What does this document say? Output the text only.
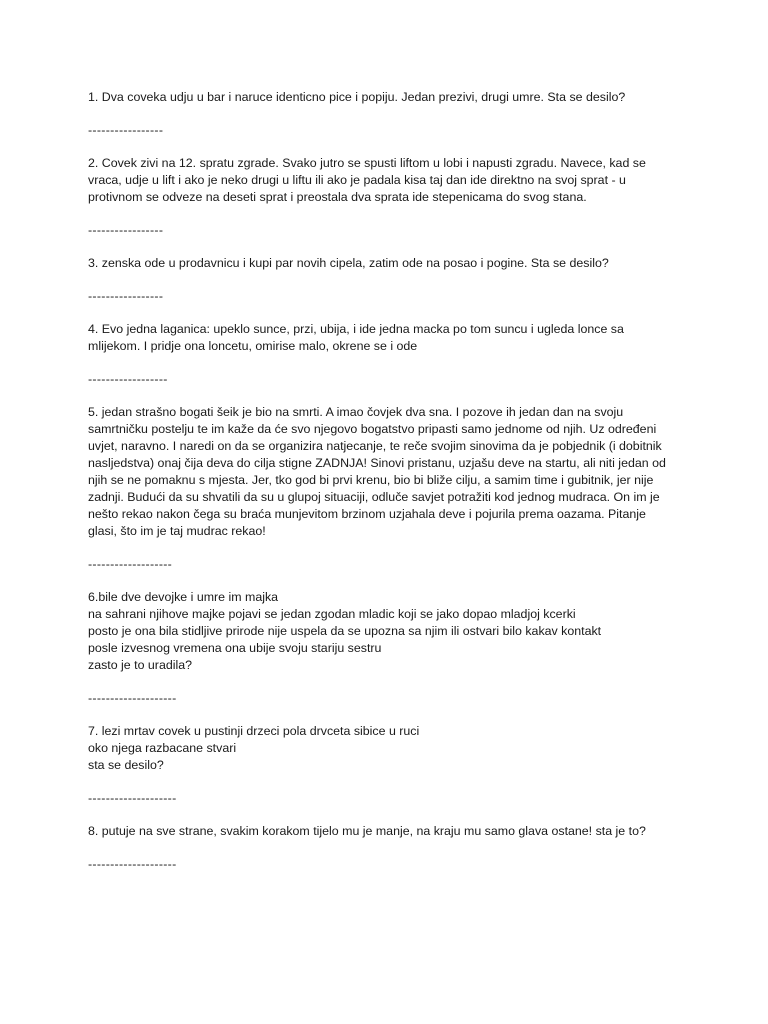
1. Dva coveka udju u bar i naruce identicno pice i popiju. Jedan prezivi, drugi umre. Sta se desilo?
-----------------
2. Covek zivi na 12. spratu zgrade. Svako jutro se spusti liftom u lobi i napusti zgradu. Navece, kad se
vraca, udje u lift i ako je neko drugi u liftu ili ako je padala kisa taj dan ide direktno na svoj sprat - u
protivnom se odveze na deseti sprat i preostala dva sprata ide stepenicama do svog stana.
-----------------
3. zenska ode u prodavnicu i kupi par novih cipela, zatim ode na posao i pogine. Sta se desilo?
-----------------
4. Evo jedna laganica: upeklo sunce, przi, ubija, i ide jedna macka po tom suncu i ugleda lonce sa
mlijekom. I pridje ona loncetu, omirise malo, okrene se i ode
------------------
5. jedan strašno bogati šeik je bio na smrti. A imao čovjek dva sna. I pozove ih jedan dan na svoju
samrtničku postelju te im kaže da će svo njegovo bogatstvo pripasti samo jednome od njih. Uz određeni
uvjet, naravno. I naredi on da se organizira natjecanje, te reče svojim sinovima da je pobjednik (i dobitnik
nasljedstva) onaj čija deva do cilja stigne ZADNJA! Sinovi pristanu, uzjašu deve na startu, ali niti jedan od
njih se ne pomaknu s mjesta. Jer, tko god bi prvi krenu, bio bi bliže cilju, a samim time i gubitnik, jer nije
zadnji. Budući da su shvatili da su u glupoj situaciji, odluče savjet potražiti kod jednog mudraca. On im je
nešto rekao nakon čega su braća munjevitom brzinom uzjahala deve i pojurila prema oazama. Pitanje
glasi, što im je taj mudrac rekao!
-------------------
6.bile dve devojke i umre im majka
na sahrani njihove majke pojavi se jedan zgodan mladic koji se jako dopao mladjoj kcerki
posto je ona bila stidljive prirode nije uspela da se upozna sa njim ili ostvari bilo kakav kontakt
posle izvesnog vremena ona ubije svoju stariju sestru
zasto je to uradila?
--------------------
7. lezi mrtav covek u pustinji drzeci pola drvceta sibice u ruci
oko njega razbacane stvari
sta se desilo?
--------------------
8. putuje na sve strane, svakim korakom tijelo mu je manje, na kraju mu samo glava ostane! sta je to?
--------------------
